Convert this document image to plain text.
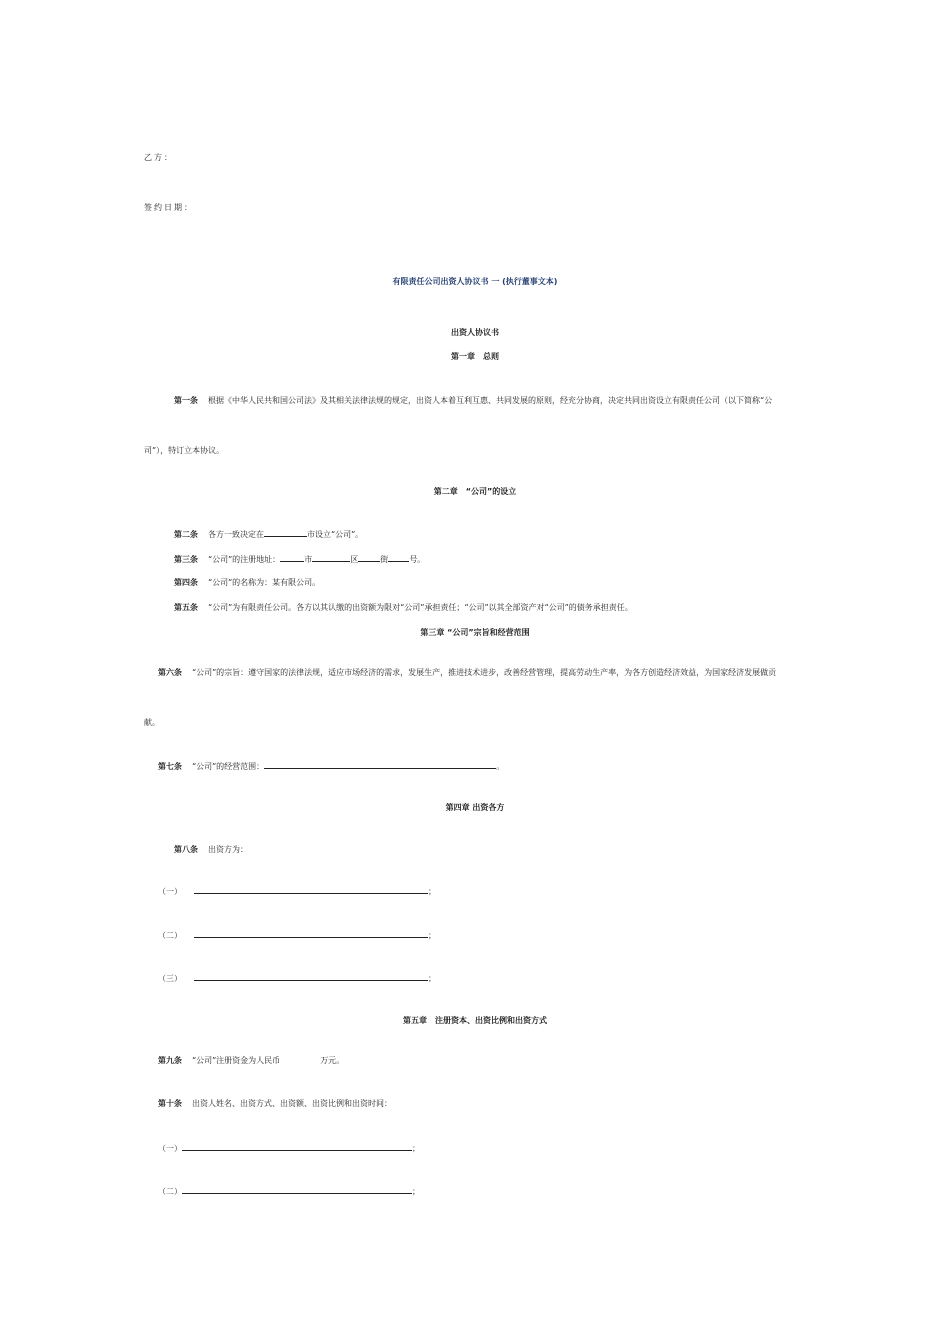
乙方：
签约日期：
有限责任公司出资人协议书 一 (执行董事文本)
出资人协议书
第一章　总则
第一条 根据《中华人民共和国公司法》及其相关法律法规的规定，出资人本着互利互惠、共同发展的原则，经充分协商，决定共同出资设立有限责任公司（以下简称“公
司”），特订立本协议。
第二章　“公司”的设立
第二条 各方一致决定在	市设立“公司”。
第三条 “公司”的注册地址：	市	区	街	号。
第四条 “公司”的名称为：某有限公司。
第五条 “公司”为有限责任公司。各方以其认缴的出资额为限对“公司”承担责任；“公司”以其全部资产对“公司”的债务承担责任。
第三章 “公司”宗旨和经营范围
第六条 “公司”的宗旨：遵守国家的法律法规，适应市场经济的需求，发展生产，推进技术进步，改善经营管理，提高劳动生产率，为各方创造经济效益，为国家经济发展做贡
献。
第七条 “公司”的经营范围：	。
第四章 出资各方
第八条 出资方为：
（一）	；
（二）	；
（三）	；
第五章　注册资本、出资比例和出资方式
第九条 “公司”注册资金为人民币	万元。
第十条 出资人姓名、出资方式、出资额、出资比例和出资时间：
（一）	；
（二）	；
